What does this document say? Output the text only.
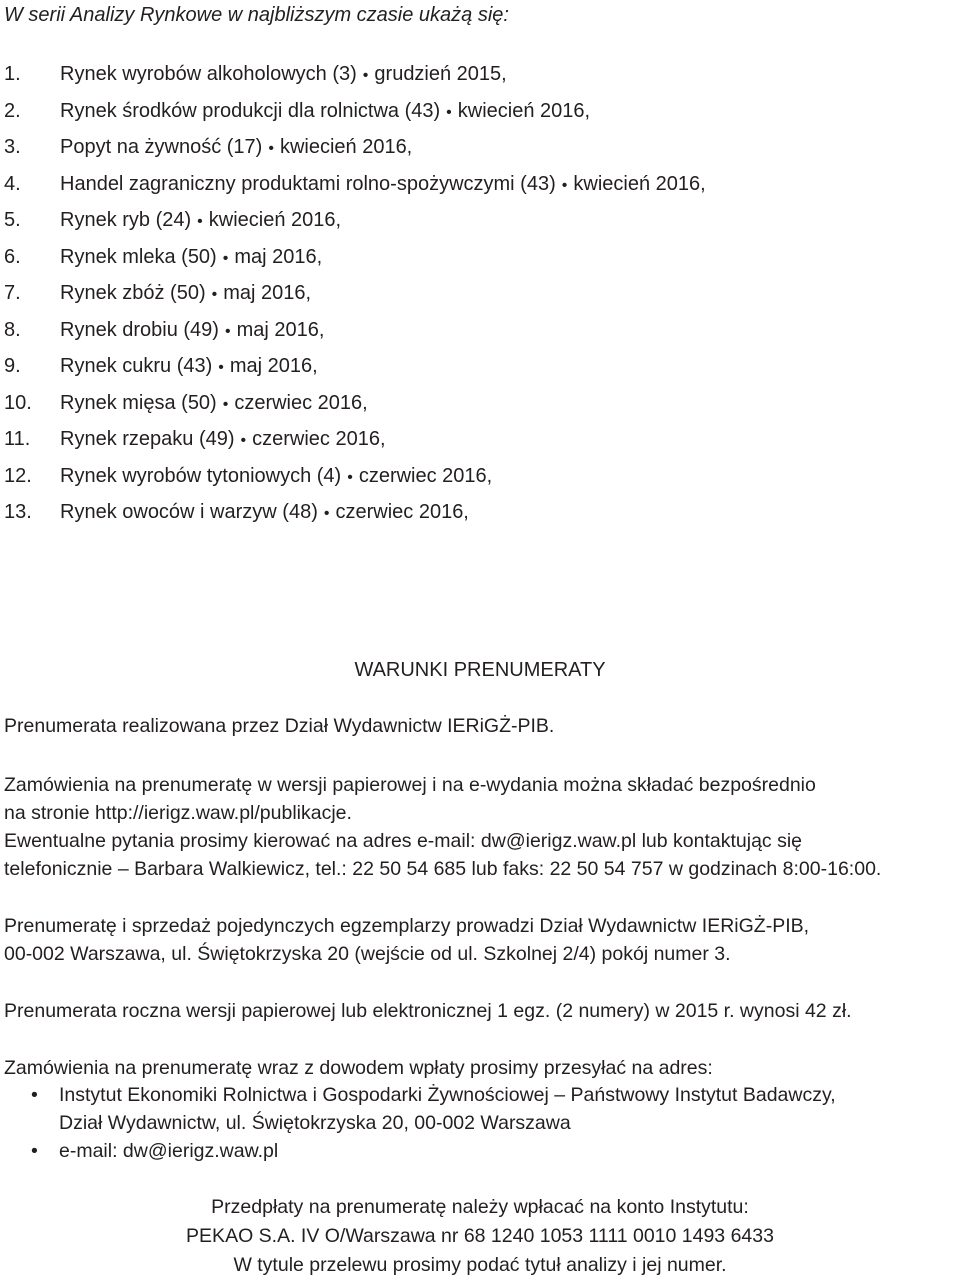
W serii Analizy Rynkowe w najbliższym czasie ukażą się:
1. Rynek wyrobów alkoholowych (3) • grudzień 2015,
2. Rynek środków produkcji dla rolnictwa (43) • kwiecień 2016,
3. Popyt na żywność (17) • kwiecień 2016,
4. Handel zagraniczny produktami rolno-spożywczymi (43) • kwiecień 2016,
5. Rynek ryb (24) • kwiecień 2016,
6. Rynek mleka (50) • maj 2016,
7. Rynek zbóż (50) • maj 2016,
8. Rynek drobiu (49) • maj 2016,
9. Rynek cukru (43) • maj 2016,
10. Rynek mięsa (50) • czerwiec 2016,
11. Rynek rzepaku (49) • czerwiec 2016,
12. Rynek wyrobów tytoniowych (4) • czerwiec 2016,
13. Rynek owoców i warzyw (48) • czerwiec 2016,
WARUNKI PRENUMERATY

Prenumerata realizowana przez Dział Wydawnictw IERiGŻ-PIB.

Zamówienia na prenumeratę w wersji papierowej i na e-wydania można składać bezpośrednio
na stronie http://ierigz.waw.pl/publikacje.
Ewentualne pytania prosimy kierować na adres e-mail: dw@ierigz.waw.pl lub kontaktując się
telefonicznie – Barbara Walkiewicz, tel.: 22 50 54 685 lub faks: 22 50 54 757 w godzinach 8:00-16:00.

Prenumeratę i sprzedaż pojedynczych egzemplarzy prowadzi Dział Wydawnictw IERiGŻ-PIB,
00-002 Warszawa, ul. Świętokrzyska 20 (wejście od ul. Szkolnej 2/4) pokój numer 3.

Prenumerata roczna wersji papierowej lub elektronicznej 1 egz. (2 numery) w 2015 r. wynosi 42 zł.

Zamówienia na prenumeratę wraz z dowodem wpłaty prosimy przesyłać na adres:

• Instytut Ekonomiki Rolnictwa i Gospodarki Żywnościowej – Państwowy Instytut Badawczy,
Dział Wydawnictw, ul. Świętokrzyska 20, 00-002 Warszawa
• e-mail: dw@ierigz.waw.pl

Przedpłaty na prenumeratę należy wpłacać na konto Instytutu:
PEKAO S.A. IV O/Warszawa nr 68 1240 1053 1111 0010 1493 6433
W tytule przelewu prosimy podać tytuł analizy i jej numer.
